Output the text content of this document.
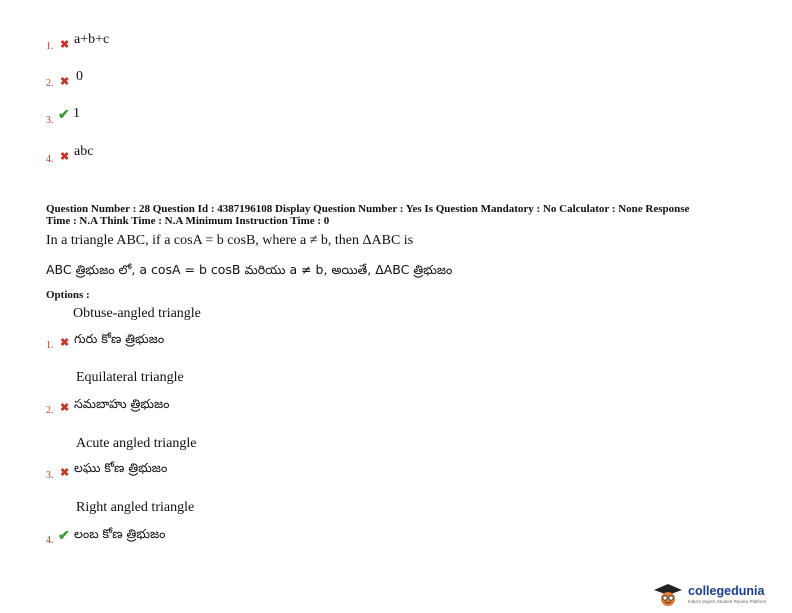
1. ✖ a+b+c
2. ✖ 0
3. ✔ 1
4. ✖ abc
Question Number : 28 Question Id : 4387196108 Display Question Number : Yes Is Question Mandatory : No Calculator : None Response
Time : N.A Think Time : N.A Minimum Instruction Time : 0
In a triangle ABC, if a cosA = b cosB, where a ≠ b, then ΔABC is
ABC త్రిభుజం లో, a cosA = b cosB మరియు a ≠ b, అయితే, ΔABC త్రిభుజం
Options :
Obtuse-angled triangle
1. ✖ గురు కోణ త్రిభుజం
Equilateral triangle
2. ✖ సమబాహు త్రిభుజం
Acute angled triangle
3. ✖ లఘు కోణ త్రిభుజం
Right angled triangle
4. ✔ లంబ కోణ త్రిభుజం
collegedunia
India's largest Student Review Platform
